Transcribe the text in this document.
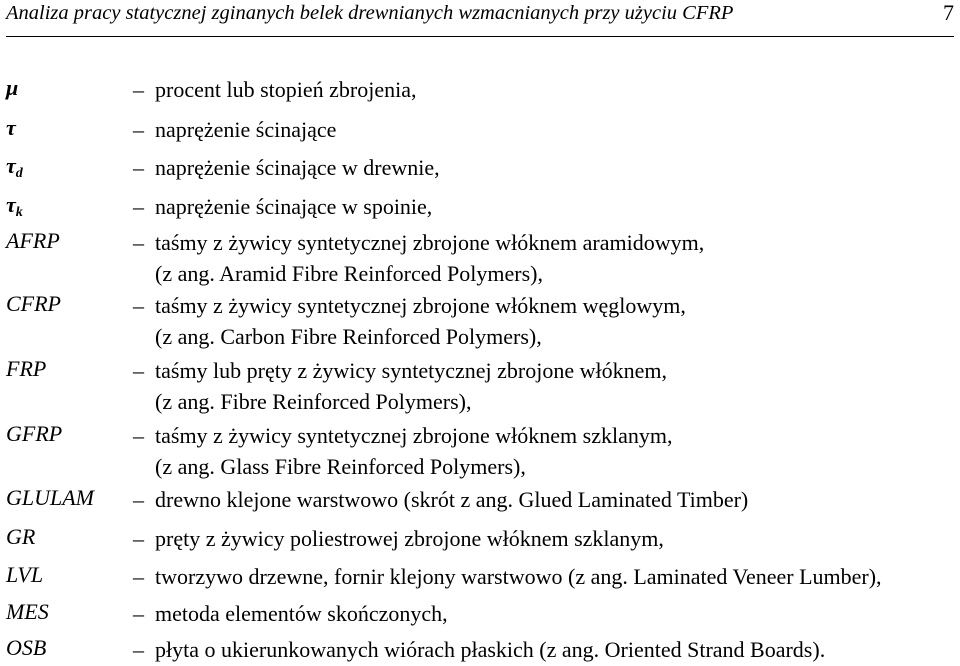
Analiza pracy statycznej zginanych belek drewnianych wzmacnianych przy użyciu CFRP	7
μ	– procent lub stopień zbrojenia,
τ	– naprężenie ścinające
$\tau_d$	– naprężenie ścinające w drewnie,
$\tau_k$	– naprężenie ścinające w spoinie,
AFRP	– taśmy z żywicy syntetycznej zbrojone włóknem aramidowym,
(z ang. Aramid Fibre Reinforced Polymers),
CFRP	– taśmy z żywicy syntetycznej zbrojone włóknem węglowym,
(z ang. Carbon Fibre Reinforced Polymers),
FRP	– taśmy lub pręty z żywicy syntetycznej zbrojone włóknem,
(z ang. Fibre Reinforced Polymers),
GFRP	– taśmy z żywicy syntetycznej zbrojone włóknem szklanym,
(z ang. Glass Fibre Reinforced Polymers),
GLULAM – drewno klejone warstwowo (skrót z ang. Glued Laminated Timber)
GR	– pręty z żywicy poliestrowej zbrojone włóknem szklanym,
LVL	– tworzywo drzewne, fornir klejony warstwowo (z ang. Laminated Veneer Lumber),
MES	– metoda elementów skończonych,
OSB	– płyta o ukierunkowanych wiórach płaskich (z ang. Oriented Strand Boards).
